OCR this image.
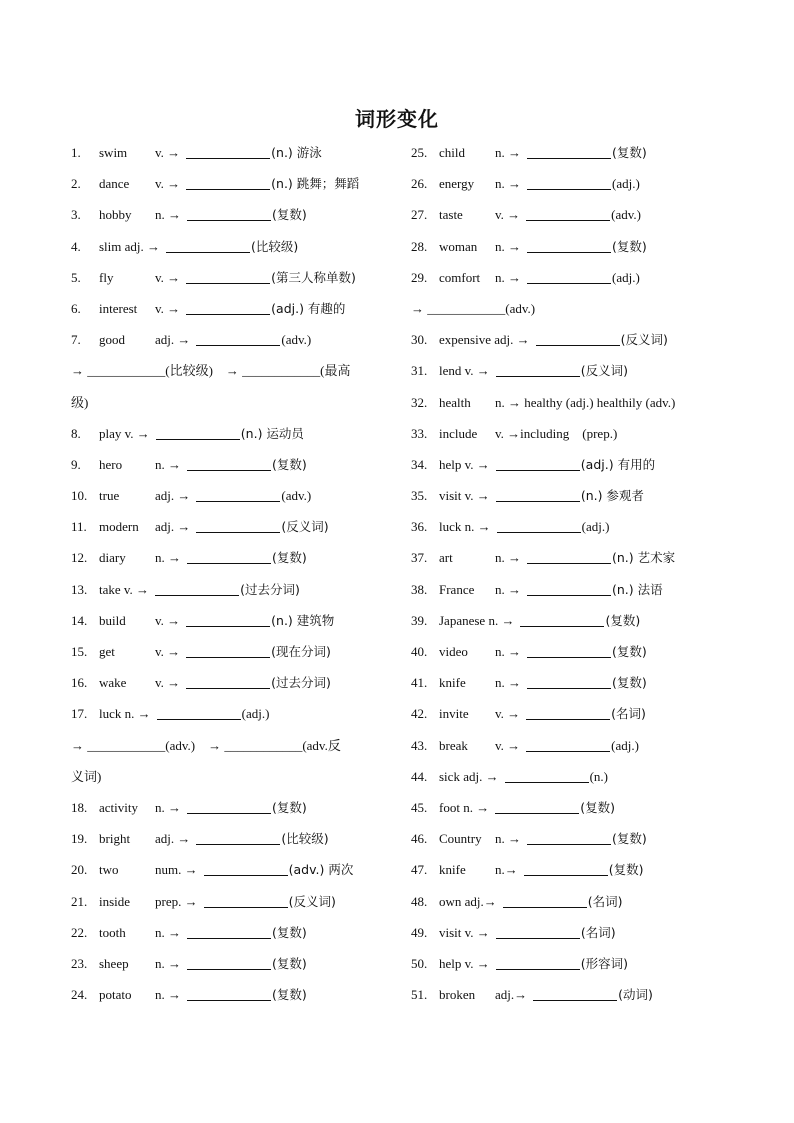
词形变化
1. swim v. →	(n.) 游泳
2. dance v. →	(n.) 跳舞；舞蹈
3. hobby n. →	(复数)
4. slim adj. →	(比较级)
5. fly	v. →	(第三人称单数)
6. interest v. →	(adj.) 有趣的
7. good adj. →	(adv.)
→ ____________(比较级)　→ ____________(最高
级)
8. play v. →	(n.) 运动员
9. hero	n. →	(复数)
10. true	adj. →	(adv.)
11. modern adj. →	(反义词)
12. diary n. →	(复数)
13. take v. →	(过去分词)
14. build v. →	(n.) 建筑物
15. get	v. →	(现在分词)
16. wake v. →	(过去分词)
17. luck n. →	(adj.)
→ ____________(adv.)　→ ____________(adv.反
义词)
18. activity n. →	(复数)
19. bright adj. →	(比较级)
20. two	num. →	(adv.) 两次
21. inside prep. →	(反义词)
22. tooth n. →	(复数)
23. sheep n. →	(复数)
24. potato n. →	(复数)
25. child n. →	(复数)
26. energy n. →	(adj.)
27. taste v. →	(adv.)
28. woman n. →	(复数)
29. comfort n. →	(adj.)
→ ____________(adv.)
30. expensive adj. →	(反义词)
31. lend v. →	(反义词)
32. health n. → healthy (adj.) healthily (adv.)
33. include v. →including　(prep.)
34. help v. →	(adj.) 有用的
35. visit v. →	(n.) 参观者
36. luck n. →	(adj.)
37. art	n. →	(n.) 艺术家
38. France n. →	(n.) 法语
39. Japanese n. →	(复数)
40. video n. →	(复数)
41. knife n. →	(复数)
42. invite v. →	(名词)
43. break v. →	(adj.)
44. sick adj. →	(n.)
45. foot n. →	(复数)
46. Country n. →	(复数)
47. knife n.→	(复数)
48. own adj.→	(名词)
49. visit v. →	(名词)
50. help v. →	(形容词)
51. broken adj.→	(动词)
